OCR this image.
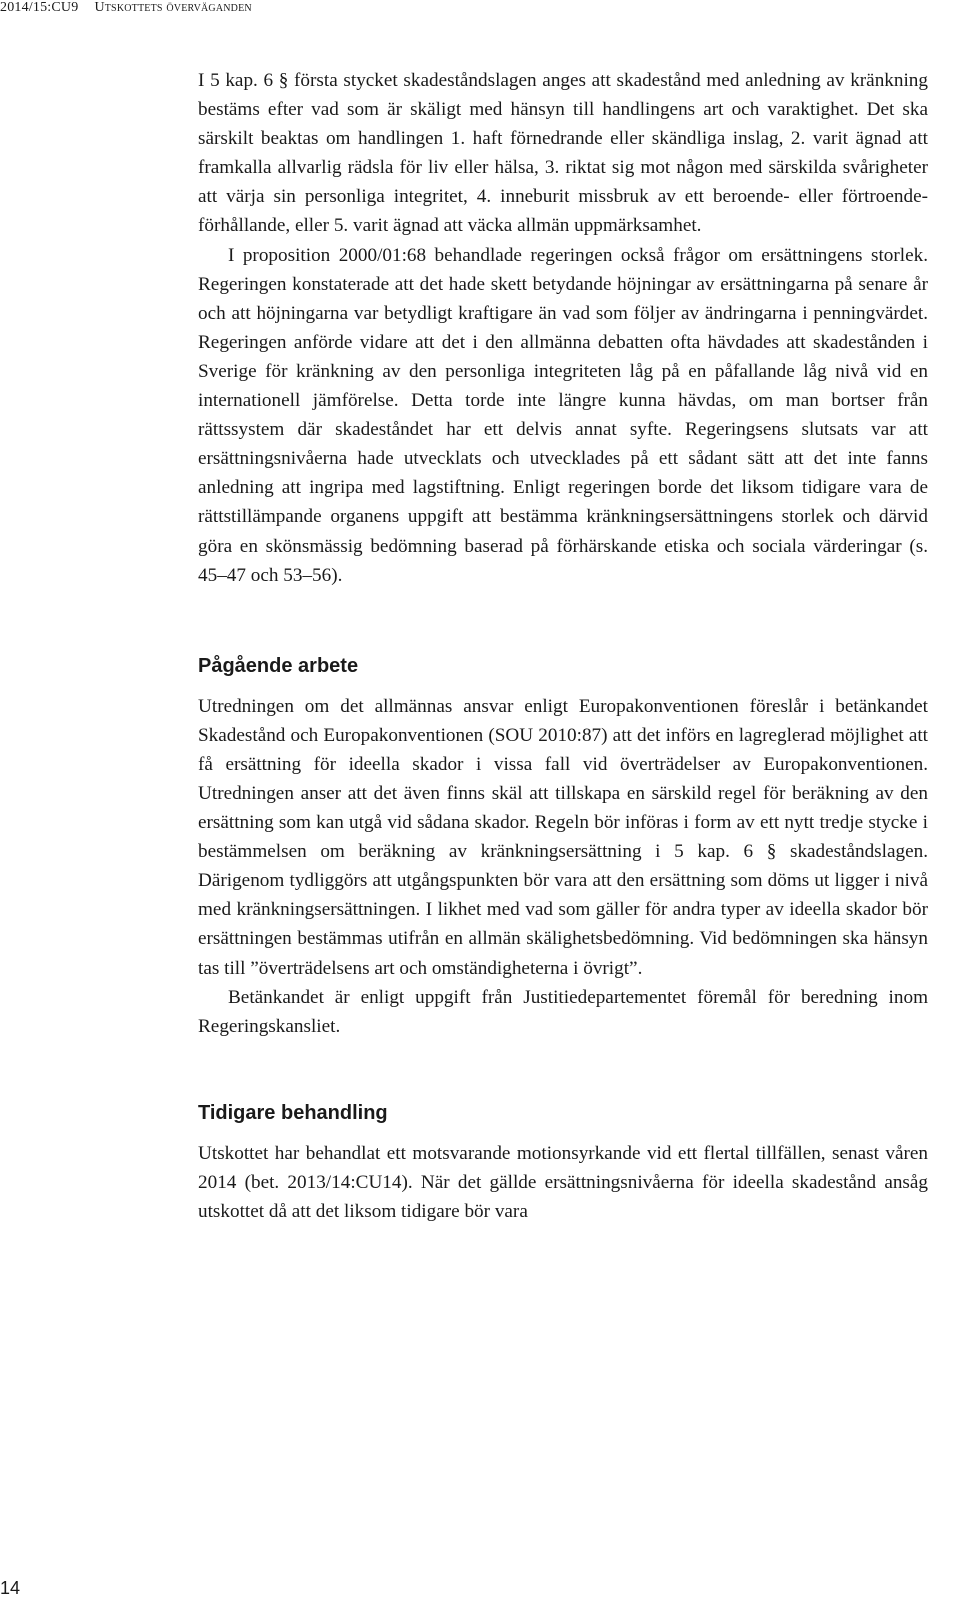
2014/15:CU9 Utskottets överväganden

I 5 kap. 6 § första stycket skadeståndslagen anges att skadestånd med anledning av kränkning bestäms efter vad som är skäligt med hänsyn till handlingens art och varaktighet. Det ska särskilt beaktas om handlingen 1. haft förnedrande eller skändliga inslag, 2. varit ägnad att framkalla allvarlig rädsla för liv eller hälsa, 3. riktat sig mot någon med särskilda svårigheter att värja sin personliga integritet, 4. inneburit missbruk av ett beroende- eller förtroendeförhållande, eller 5. varit ägnad att väcka allmän uppmärksamhet.

I proposition 2000/01:68 behandlade regeringen också frågor om ersättningens storlek. Regeringen konstaterade att det hade skett betydande höjningar av ersättningarna på senare år och att höjningarna var betydligt kraftigare än vad som följer av ändringarna i penningvärdet. Regeringen anförde vidare att det i den allmänna debatten ofta hävdades att skadestånden i Sverige för kränkning av den personliga integriteten låg på en påfallande låg nivå vid en internationell jämförelse. Detta torde inte längre kunna hävdas, om man bortser från rättssystem där skadeståndet har ett delvis annat syfte. Regeringsens slutsats var att ersättningsnivåerna hade utvecklats och utvecklades på ett sådant sätt att det inte fanns anledning att ingripa med lagstiftning. Enligt regeringen borde det liksom tidigare vara de rättstillämpande organens uppgift att bestämma kränkningsersättningens storlek och därvid göra en skönsmässig bedömning baserad på förhärskande etiska och sociala värderingar (s. 45–47 och 53–56).

Pågående arbete

Utredningen om det allmännas ansvar enligt Europakonventionen föreslår i betänkandet Skadestånd och Europakonventionen (SOU 2010:87) att det införs en lagreglerad möjlighet att få ersättning för ideella skador i vissa fall vid överträdelser av Europakonventionen. Utredningen anser att det även finns skäl att tillskapa en särskild regel för beräkning av den ersättning som kan utgå vid sådana skador. Regeln bör införas i form av ett nytt tredje stycke i bestämmelsen om beräkning av kränkningsersättning i 5 kap. 6 § skadeståndslagen. Därigenom tydliggörs att utgångspunkten bör vara att den ersättning som döms ut ligger i nivå med kränkningsersättningen. I likhet med vad som gäller för andra typer av ideella skador bör ersättningen bestämmas utifrån en allmän skälighetsbedömning. Vid bedömningen ska hänsyn tas till ”överträdelsens art och omständigheterna i övrigt”.

Betänkandet är enligt uppgift från Justitiedepartementet föremål för beredning inom Regeringskansliet.

Tidigare behandling

Utskottet har behandlat ett motsvarande motionsyrkande vid ett flertal tillfällen, senast våren 2014 (bet. 2013/14:CU14). När det gällde ersättningsnivåerna för ideella skadestånd ansåg utskottet då att det liksom tidigare bör vara

14
